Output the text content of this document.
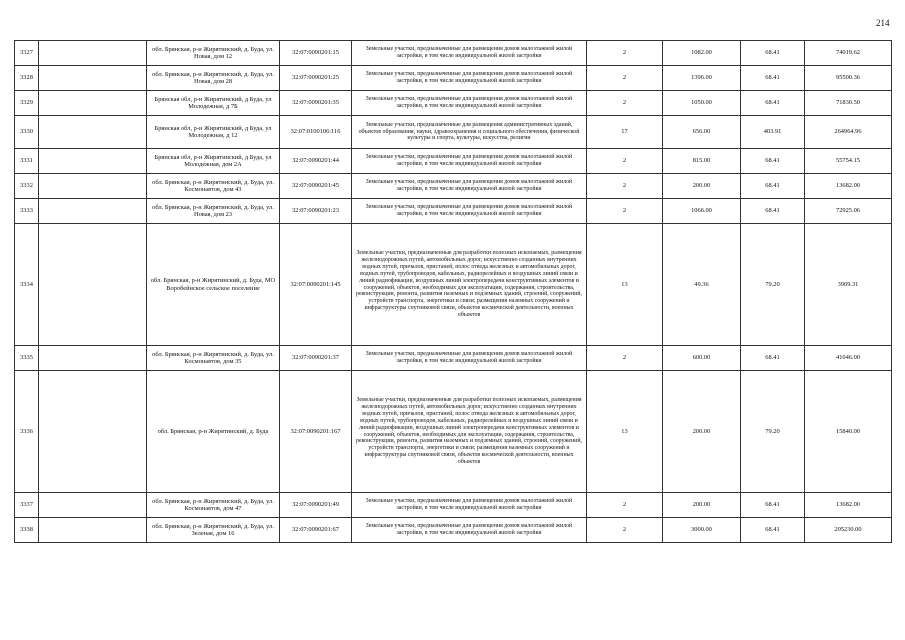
214
3327		обл. Брянская, р-н Жирятинский, д. Буда, ул. Новая, дом 12	32:07:0090201:15	Земельные участки, предназначенные для размещения домов малоэтажной жилой застройки, в том числе индивидуальной жилой застройки	2	1082.00	68.41	74019.62
3328		обл. Брянская, р-н Жирятинский, д. Буда, ул. Новая, дом 28	32:07:0090201:25	Земельные участки, предназначенные для размещения домов малоэтажной жилой застройки, в том числе индивидуальной жилой застройки	2	1396.00	68.41	95500.36
3329		Брянская обл, р-н Жирятинский, д Буда, ул Молодежная, д 7Б	32:07:0090201:35	Земельные участки, предназначенные для размещения домов малоэтажной жилой застройки, в том числе индивидуальной жилой застройки	2	1050.00	68.41	71830.50
3330		Брянская обл, р-н Жирятинский, д Буда, ул Молодежная, д 12	32:07:0100106:116	Земельные участки, предназначенные для размещения административных зданий, объектов образования, науки, здравоохранения и социального обеспечения, физической культуры и спорта, культуры, искусства, религии	17	656.00	403.91	264964.96
3331		Брянская обл, р-н Жирятинский, д Буда, ул Молодежная, дом 2А	32:07:0090201:44	Земельные участки, предназначенные для размещения домов малоэтажной жилой застройки, в том числе индивидуальной жилой застройки	2	815.00	68.41	55754.15
3332		обл. Брянская, р-н Жирятинский, д. Буда, ул. Космонавтов, дом 43	32:07:0090201:45	Земельные участки, предназначенные для размещения домов малоэтажной жилой застройки, в том числе индивидуальной жилой застройки	2	200.00	68.41	13682.00
3333		обл. Брянская, р-н Жирятинский, д. Буда, ул. Новая, дом 23	32:07:0090201:23	Земельные участки, предназначенные для размещения домов малоэтажной жилой застройки, в том числе индивидуальной жилой застройки	2	1066.00	68.41	72925.06
3334		обл. Брянская, р-н Жирятинский, д. Буда, МО Воробейнское сельское поселение	32:07:0090201:145	Земельные участки, предназначенные для разработки полезных ископаемых, размещения железнодорожных путей, автомобильных дорог, искусственно созданных внутренних водных путей, причалов, пристаней, полос отвода железных и автомобильных дорог, водных путей, трубопроводов, кабельных, радиорелейных и воздушных линий связи и линий радиофикации, воздушных линий электропередачи конструктивных элементов и сооружений, объектов, необходимых для эксплуатации, содержания, строительства, реконструкции, ремонта, развития наземных и подземных зданий, строений, сооружений, устройств транспорта, энергетики и связи; размещения наземных сооружений и инфраструктуры спутниковой связи, объектов космической деятельности, военных объектов	13	49.36	79.20	3909.31
3335		обл. Брянская, р-н Жирятинский, д. Буда, ул. Космонавтов, дом 35	32:07:0090201:37	Земельные участки, предназначенные для размещения домов малоэтажной жилой застройки, в том числе индивидуальной жилой застройки	2	600.00	68.41	41046.00
3336		обл. Брянская, р-н Жирятинский, д. Буда	32:07:0090201:167	Земельные участки, предназначенные для разработки полезных ископаемых, размещения железнодорожных путей, автомобильных дорог, искусственно созданных внутренних водных путей, причалов, пристаней, полос отвода железных и автомобильных дорог, водных путей, трубопроводов, кабельных, радиорелейных и воздушных линий связи и линий радиофикации, воздушных линий электропередачи конструктивных элементов и сооружений, объектов, необходимых для эксплуатации, содержания, строительства, реконструкции, ремонта, развития наземных и подземных зданий, строений, сооружений, устройств транспорта, энергетики и связи; размещения наземных сооружений и инфраструктуры спутниковой связи, объектов космической деятельности, военных объектов	13	200.00	79.20	15840.00
3337		обл. Брянская, р-н Жирятинский, д. Буда, ул. Космонавтов, дом 47	32:07:0090201:49	Земельные участки, предназначенные для размещения домов малоэтажной жилой застройки, в том числе индивидуальной жилой застройки	2	200.00	68.41	13682.00
3338		обл. Брянская, р-н Жирятинский, д. Буда, ул. Зеленая, дом 16	32:07:0090201:67	Земельные участки, предназначенные для размещения домов малоэтажной жилой застройки, в том числе индивидуальной жилой застройки	2	3000.00	68.41	205230.00
